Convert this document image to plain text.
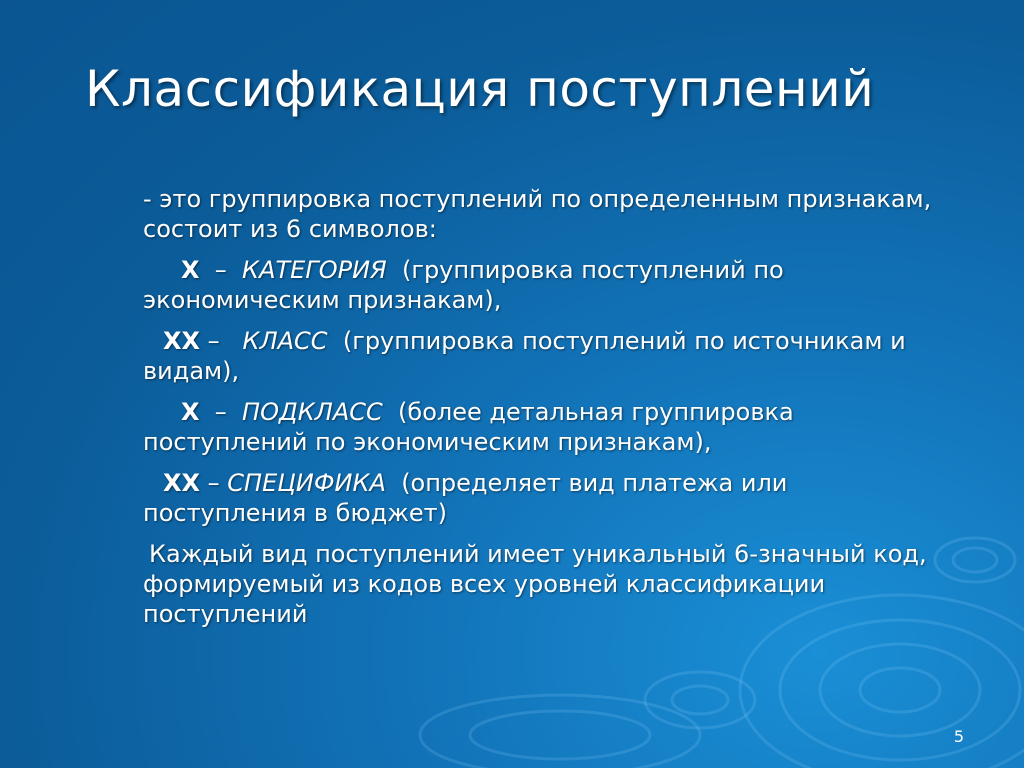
Классификация поступлений

- это группировка поступлений по определенным признакам, состоит из 6 символов:

Х – КАТЕГОРИЯ (группировка поступлений по экономическим признакам),

ХХ – КЛАСС (группировка поступлений по источникам и видам),

Х – ПОДКЛАСС (более детальная группировка поступлений по экономическим признакам),

ХХ – СПЕЦИФИКА (определяет вид платежа или поступления в бюджет)

Каждый вид поступлений имеет уникальный 6-значный код, формируемый из кодов всех уровней классификации поступлений

5
